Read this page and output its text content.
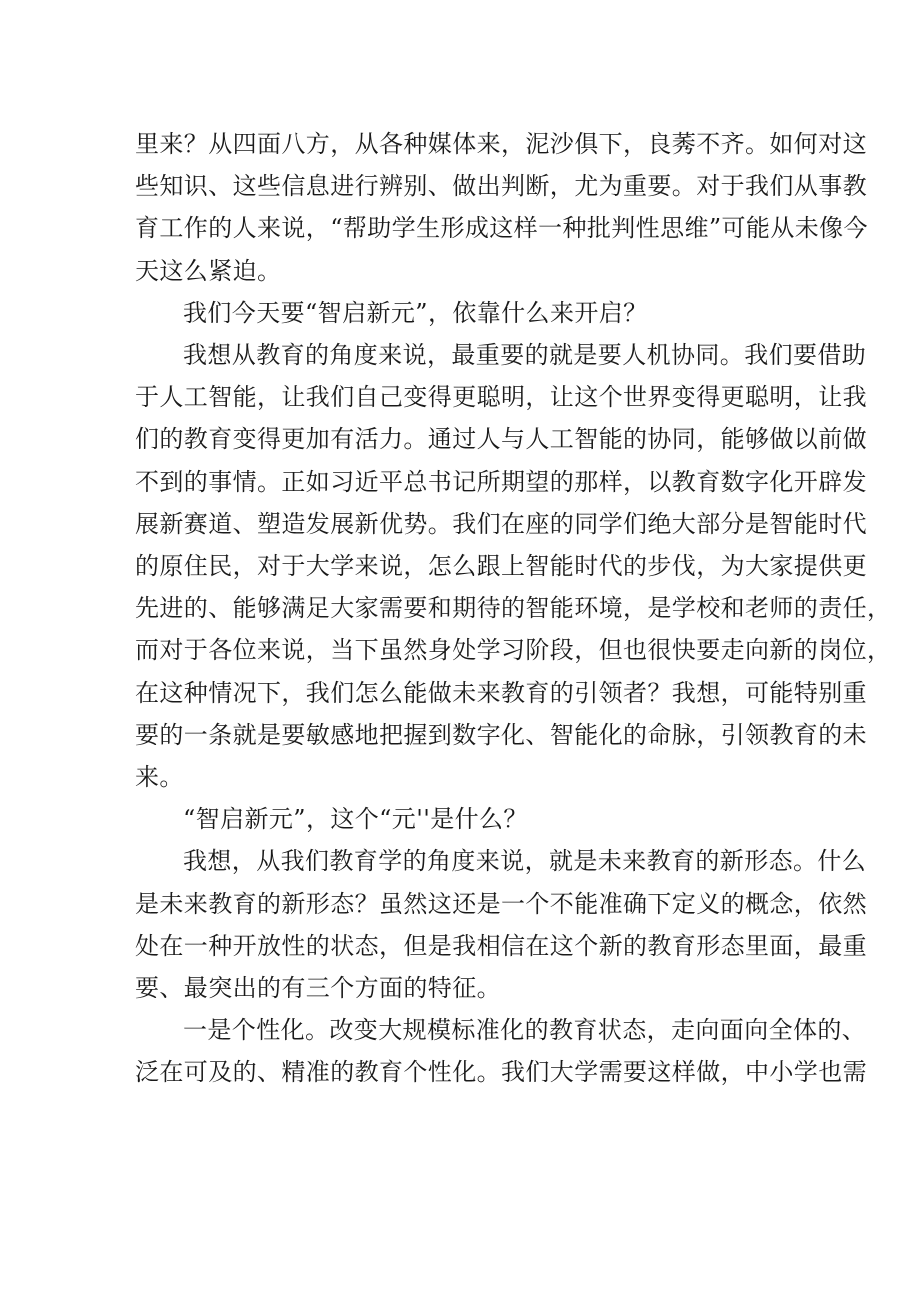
里来？从四面八方，从各种媒体来，泥沙俱下，良莠不齐。如何对这
些知识、这些信息进行辨别、做出判断，尤为重要。对于我们从事教
育工作的人来说，“帮助学生形成这样一种批判性思维”可能从未像今
天这么紧迫。

我们今天要“智启新元”，依靠什么来开启？

我想从教育的角度来说，最重要的就是要人机协同。我们要借助
于人工智能，让我们自己变得更聪明，让这个世界变得更聪明，让我
们的教育变得更加有活力。通过人与人工智能的协同，能够做以前做
不到的事情。正如习近平总书记所期望的那样，以教育数字化开辟发
展新赛道、塑造发展新优势。我们在座的同学们绝大部分是智能时代
的原住民，对于大学来说，怎么跟上智能时代的步伐，为大家提供更
先进的、能够满足大家需要和期待的智能环境，是学校和老师的责任，
而对于各位来说，当下虽然身处学习阶段，但也很快要走向新的岗位，
在这种情况下，我们怎么能做未来教育的引领者？我想，可能特别重
要的一条就是要敏感地把握到数字化、智能化的命脉，引领教育的未
来。

“智启新元”，这个“元''是什么？

我想，从我们教育学的角度来说，就是未来教育的新形态。什么
是未来教育的新形态？虽然这还是一个不能准确下定义的概念，依然
处在一种开放性的状态，但是我相信在这个新的教育形态里面，最重
要、最突出的有三个方面的特征。

一是个性化。改变大规模标准化的教育状态，走向面向全体的、
泛在可及的、精准的教育个性化。我们大学需要这样做，中小学也需
